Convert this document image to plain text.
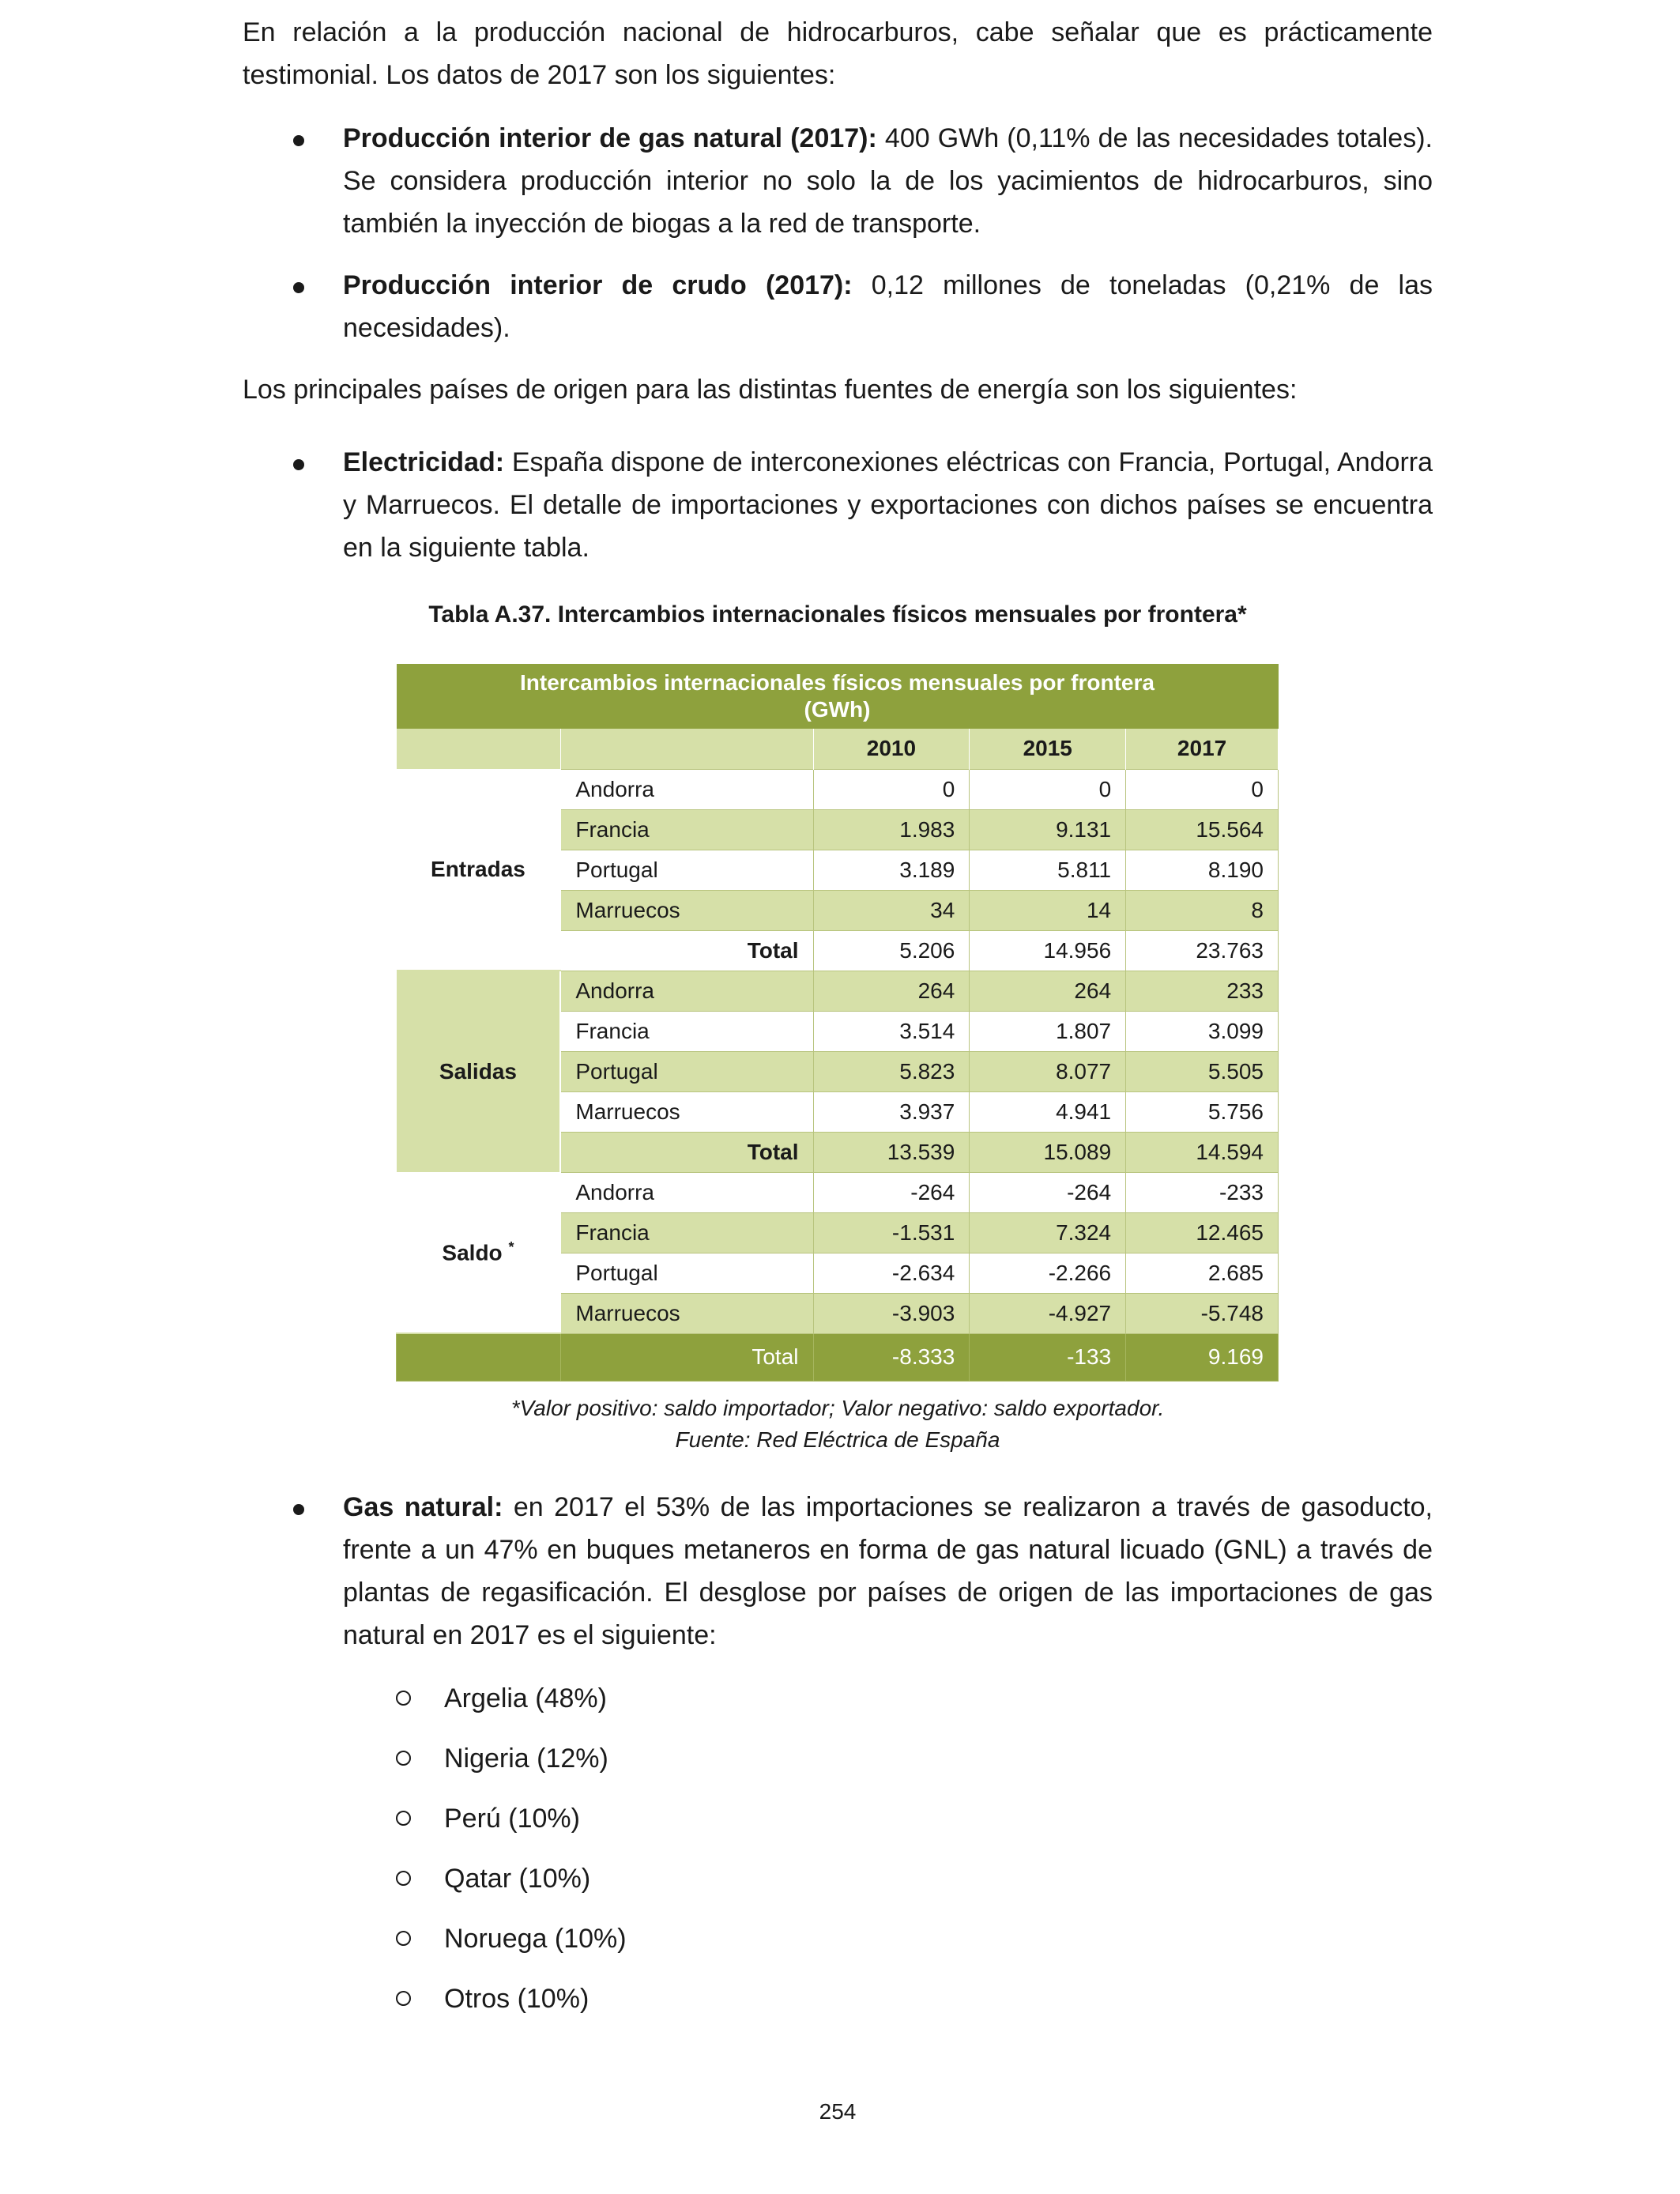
En relación a la producción nacional de hidrocarburos, cabe señalar que es prácticamente testimonial. Los datos de 2017 son los siguientes:

Producción interior de gas natural (2017): 400 GWh (0,11% de las necesidades totales). Se considera producción interior no solo la de los yacimientos de hidrocarburos, sino también la inyección de biogas a la red de transporte.
Producción interior de crudo (2017): 0,12 millones de toneladas (0,21% de las necesidades).

Los principales países de origen para las distintas fuentes de energía son los siguientes:

Electricidad: España dispone de interconexiones eléctricas con Francia, Portugal, Andorra y Marruecos. El detalle de importaciones y exportaciones con dichos países se encuentra en la siguiente tabla.
Tabla A.37. Intercambios internacionales físicos mensuales por frontera*
Intercambios internacionales físicos mensuales por frontera
(GWh)				
		2010	2015	2017
Entradas	Andorra	0	0	0
	Francia	1.983	9.131	15.564
	Portugal	3.189	5.811	8.190
	Marruecos	34	14	8
	Total	5.206	14.956	23.763
Salidas	Andorra	264	264	233
	Francia	3.514	1.807	3.099
	Portugal	5.823	8.077	5.505
	Marruecos	3.937	4.941	5.756
	Total	13.539	15.089	14.594
Saldo *	Andorra	-264	-264	-233
	Francia	-1.531	7.324	12.465
	Portugal	-2.634	-2.266	2.685
	Marruecos	-3.903	-4.927	-5.748
	Total	-8.333	-133	9.169
*Valor positivo: saldo importador; Valor negativo: saldo exportador.
Fuente: Red Eléctrica de España
Gas natural: en 2017 el 53% de las importaciones se realizaron a través de gasoducto, frente a un 47% en buques metaneros en forma de gas natural licuado (GNL) a través de plantas de regasificación. El desglose por países de origen de las importaciones de gas natural en 2017 es el siguiente:
Argelia (48%)
Nigeria (12%)
Perú (10%)
Qatar (10%)
Noruega (10%)
Otros (10%)
254
